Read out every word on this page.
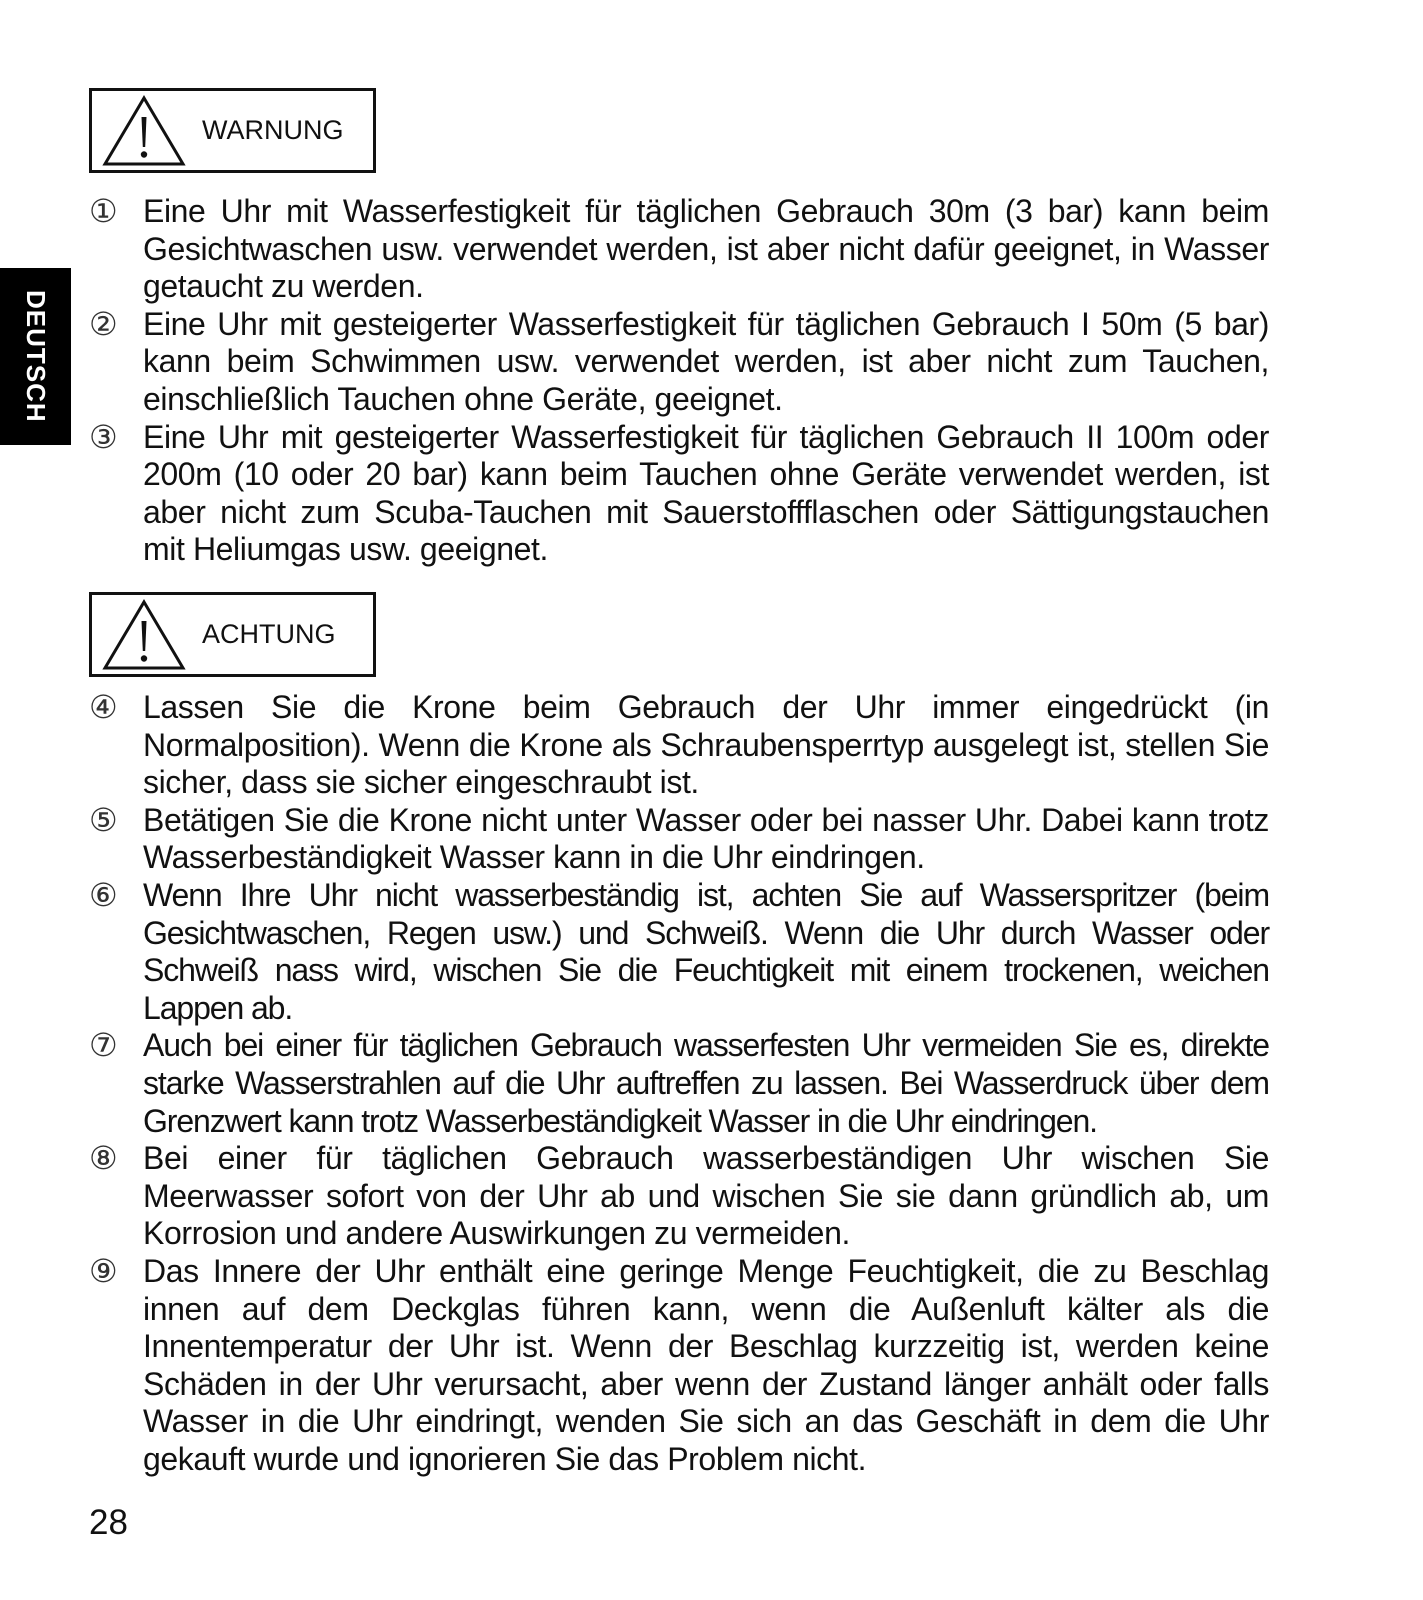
DEUTSCH
WARNUNG
① Eine Uhr mit Wasserfestigkeit für täglichen Gebrauch 30m (3 bar) kann beim Gesichtwaschen usw. verwendet werden, ist aber nicht dafür geeignet, in Wasser getaucht zu werden.
② Eine Uhr mit gesteigerter Wasserfestigkeit für täglichen Gebrauch I 50m (5 bar) kann beim Schwimmen usw. verwendet werden, ist aber nicht zum Tauchen, einschließlich Tauchen ohne Geräte, geeignet.
③ Eine Uhr mit gesteigerter Wasserfestigkeit für täglichen Gebrauch II 100m oder 200m (10 oder 20 bar) kann beim Tauchen ohne Geräte verwendet werden, ist aber nicht zum Scuba-Tauchen mit Sauerstoffflaschen oder Sättigungstauchen mit Heliumgas usw. geeignet.
ACHTUNG
④ Lassen Sie die Krone beim Gebrauch der Uhr immer eingedrückt (in Normalposition). Wenn die Krone als Schraubensperrtyp ausgelegt ist, stellen Sie sicher, dass sie sicher eingeschraubt ist.
⑤ Betätigen Sie die Krone nicht unter Wasser oder bei nasser Uhr. Dabei kann trotz Wasserbeständigkeit Wasser kann in die Uhr eindringen.
⑥ Wenn Ihre Uhr nicht wasserbeständig ist, achten Sie auf Wasserspritzer (beim Gesichtwaschen, Regen usw.) und Schweiß. Wenn die Uhr durch Wasser oder Schweiß nass wird, wischen Sie die Feuchtigkeit mit einem trockenen, weichen Lappen ab.
⑦ Auch bei einer für täglichen Gebrauch wasserfesten Uhr vermeiden Sie es, direkte starke Wasserstrahlen auf die Uhr auftreffen zu lassen. Bei Wasserdruck über dem Grenzwert kann trotz Wasserbeständigkeit Wasser in die Uhr eindringen.
⑧ Bei einer für täglichen Gebrauch wasserbeständigen Uhr wischen Sie Meerwasser sofort von der Uhr ab und wischen Sie sie dann gründlich ab, um Korrosion und andere Auswirkungen zu vermeiden.
⑨ Das Innere der Uhr enthält eine geringe Menge Feuchtigkeit, die zu Beschlag innen auf dem Deckglas führen kann, wenn die Außenluft kälter als die Innentemperatur der Uhr ist. Wenn der Beschlag kurzzeitig ist, werden keine Schäden in der Uhr verursacht, aber wenn der Zustand länger anhält oder falls Wasser in die Uhr eindringt, wenden Sie sich an das Geschäft in dem die Uhr gekauft wurde und ignorieren Sie das Problem nicht.
28
